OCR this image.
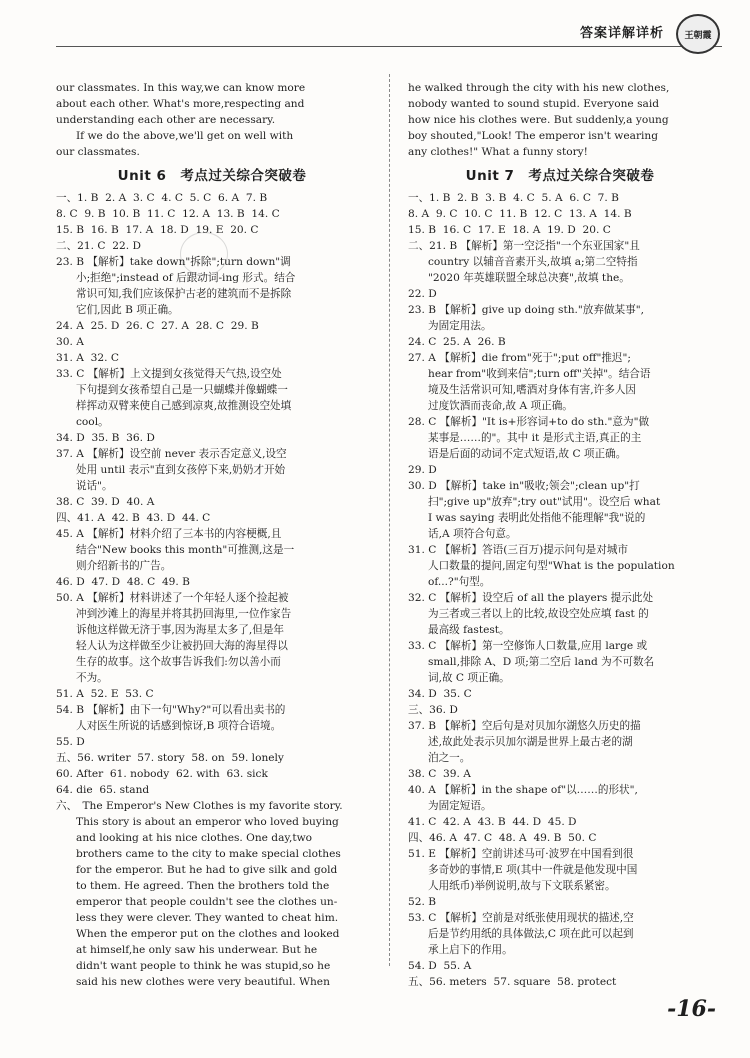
答案详解详析	王朝霞
our classmates. In this way,we can know more
about each other. What's more,respecting and
understanding each other are necessary.
If we do the above,we'll get on well with
our classmates.
Unit 6　考点过关综合突破卷
一、1. B  2. A  3. C  4. C  5. C  6. A  7. B
8. C  9. B  10. B  11. C  12. A  13. B  14. C
15. B  16. B  17. A  18. D  19. E  20. C
二、21. C  22. D
23. B 【解析】take down"拆除";turn down"调
小;拒绝";instead of 后跟动词-ing 形式。结合
常识可知,我们应该保护古老的建筑而不是拆除
它们,因此 B 项正确。
24. A  25. D  26. C  27. A  28. C  29. B
30. A
31. A  32. C
33. C 【解析】上文提到女孩觉得天气热,设空处
下句提到女孩希望自己是一只蝴蝶并像蝴蝶一
样挥动双臂来使自己感到凉爽,故推测设空处填
cool。
34. D  35. B  36. D
37. A 【解析】设空前 never 表示否定意义,设空
处用 until 表示"直到女孩停下来,奶奶才开始
说话"。
38. C  39. D  40. A
四、41. A  42. B  43. D  44. C
45. A 【解析】材料介绍了三本书的内容梗概,且
结合"New books this month"可推测,这是一
则介绍新书的广告。
46. D  47. D  48. C  49. B
50. A 【解析】材料讲述了一个年轻人逐个捡起被
冲到沙滩上的海星并将其扔回海里,一位作家告
诉他这样做无济于事,因为海星太多了,但是年
轻人认为这样做至少让被扔回大海的海星得以
生存的故事。这个故事告诉我们:勿以善小而
不为。
51. A  52. E  53. C
54. B 【解析】由下一句"Why?"可以看出卖书的
人对医生所说的话感到惊讶,B 项符合语境。
55. D
五、56. writer  57. story  58. on  59. lonely
60. After  61. nobody  62. with  63. sick
64. die  65. stand
六、　The Emperor's New Clothes is my favorite story.
This story is about an emperor who loved buying
and looking at his nice clothes. One day,two
brothers came to the city to make special clothes
for the emperor. But he had to give silk and gold
to them. He agreed. Then the brothers told the
emperor that people couldn't see the clothes un-
less they were clever. They wanted to cheat him.
When the emperor put on the clothes and looked
at himself,he only saw his underwear. But he
didn't want people to think he was stupid,so he
said his new clothes were very beautiful. When
he walked through the city with his new clothes,
nobody wanted to sound stupid. Everyone said
how nice his clothes were. But suddenly,a young
boy shouted,"Look! The emperor isn't wearing
any clothes!" What a funny story!
Unit 7　考点过关综合突破卷
一、1. B  2. B  3. B  4. C  5. A  6. C  7. B
8. A  9. C  10. C  11. B  12. C  13. A  14. B
15. B  16. C  17. E  18. A  19. D  20. C
二、21. B 【解析】第一空泛指"一个东亚国家"且
country 以辅音音素开头,故填 a;第二空特指
"2020 年英雄联盟全球总决赛",故填 the。
22. D
23. B 【解析】give up doing sth."放弃做某事",
为固定用法。
24. C  25. A  26. B
27. A 【解析】die from"死于";put off"推迟";
hear from"收到来信";turn off"关掉"。结合语
境及生活常识可知,嗜酒对身体有害,许多人因
过度饮酒而丧命,故 A 项正确。
28. C 【解析】"It is+形容词+to do sth."意为"做
某事是……的"。其中 it 是形式主语,真正的主
语是后面的动词不定式短语,故 C 项正确。
29. D
30. D 【解析】take in"吸收;领会";clean up"打
扫";give up"放弃";try out"试用"。设空后 what
I was saying 表明此处指他不能理解"我"说的
话,A 项符合句意。
31. C 【解析】答语(三百万)提示问句是对城市
人口数量的提问,固定句型"What is the population
of...?"句型。
32. C 【解析】设空后 of all the players 提示此处
为三者或三者以上的比较,故设空处应填 fast 的
最高级 fastest。
33. C 【解析】第一空修饰人口数量,应用 large 或
small,排除 A、D 项;第二空后 land 为不可数名
词,故 C 项正确。
34. D  35. C
三、36. D
37. B 【解析】空后句是对贝加尔湖悠久历史的描
述,故此处表示贝加尔湖是世界上最古老的湖
泊之一。
38. C  39. A
40. A 【解析】in the shape of"以……的形状",
为固定短语。
41. C  42. A  43. B  44. D  45. D
四、46. A  47. C  48. A  49. B  50. C
51. E 【解析】空前讲述马可·波罗在中国看到很
多奇妙的事情,E 项(其中一件就是他发现中国
人用纸币)举例说明,故与下文联系紧密。
52. B
53. C 【解析】空前是对纸张使用现状的描述,空
后是节约用纸的具体做法,C 项在此可以起到
承上启下的作用。
54. D  55. A
五、56. meters  57. square  58. protect
-16-
